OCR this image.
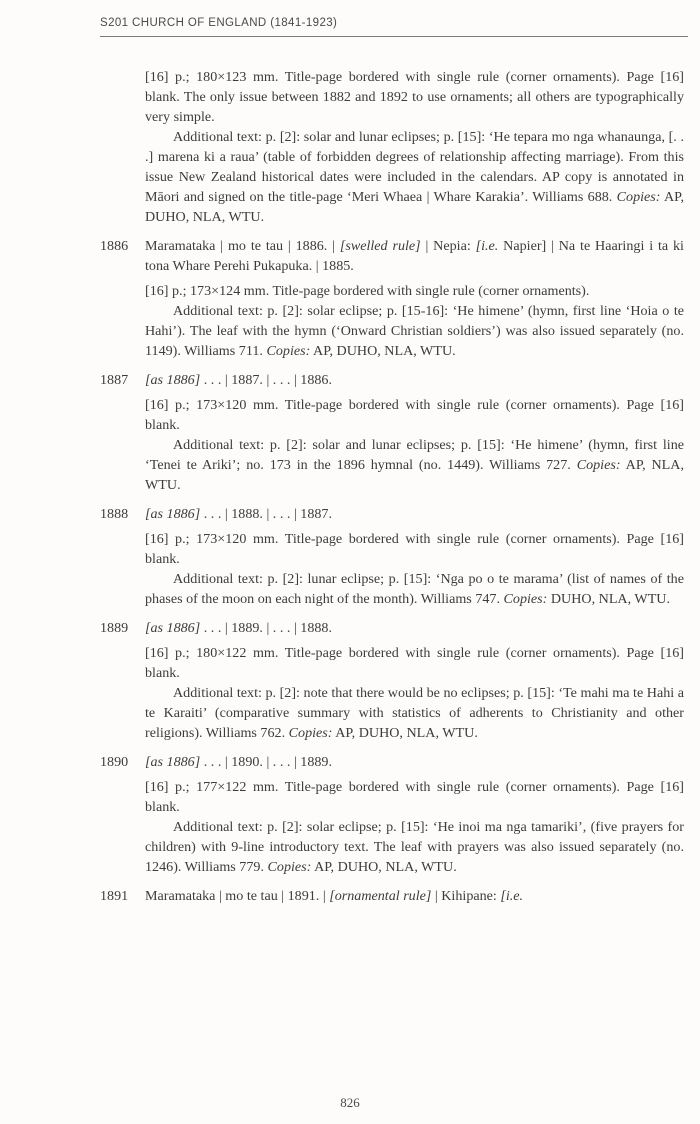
S201 CHURCH OF ENGLAND (1841-1923)

[16] p.; 180×123 mm. Title-page bordered with single rule (corner ornaments). Page [16] blank. The only issue between 1882 and 1892 to use ornaments; all others are typographically very simple.

Additional text: p. [2]: solar and lunar eclipses; p. [15]: ‘He tepara mo nga whanaunga, [. . .] marena ki a raua’ (table of forbidden degrees of relationship affecting marriage). From this issue New Zealand historical dates were included in the calendars. AP copy is annotated in Māori and signed on the title-page ‘Meri Whaea | Whare Karakia’. Williams 688. Copies: AP, DUHO, NLA, WTU.

1886 Maramataka | mo te tau | 1886. | [swelled rule] | Nepia: [i.e. Napier] | Na te Haaringi i ta ki tona Whare Perehi Pukapuka. | 1885.

[16] p.; 173×124 mm. Title-page bordered with single rule (corner ornaments).

Additional text: p. [2]: solar eclipse; p. [15-16]: ‘He himene’ (hymn, first line ‘Hoia o te Hahi’). The leaf with the hymn (‘Onward Christian soldiers’) was also issued separately (no. 1149). Williams 711. Copies: AP, DUHO, NLA, WTU.

1887 [as 1886] . . . | 1887. | . . . | 1886.

[16] p.; 173×120 mm. Title-page bordered with single rule (corner ornaments). Page [16] blank.

Additional text: p. [2]: solar and lunar eclipses; p. [15]: ‘He himene’ (hymn, first line ‘Tenei te Ariki’; no. 173 in the 1896 hymnal (no. 1449). Williams 727. Copies: AP, NLA, WTU.

1888 [as 1886] . . . | 1888. | . . . | 1887.

[16] p.; 173×120 mm. Title-page bordered with single rule (corner ornaments). Page [16] blank.

Additional text: p. [2]: lunar eclipse; p. [15]: ‘Nga po o te marama’ (list of names of the phases of the moon on each night of the month). Williams 747. Copies: DUHO, NLA, WTU.

1889 [as 1886] . . . | 1889. | . . . | 1888.

[16] p.; 180×122 mm. Title-page bordered with single rule (corner ornaments). Page [16] blank.

Additional text: p. [2]: note that there would be no eclipses; p. [15]: ‘Te mahi ma te Hahi a te Karaiti’ (comparative summary with statistics of adherents to Christianity and other religions). Williams 762. Copies: AP, DUHO, NLA, WTU.

1890 [as 1886] . . . | 1890. | . . . | 1889.

[16] p.; 177×122 mm. Title-page bordered with single rule (corner ornaments). Page [16] blank.

Additional text: p. [2]: solar eclipse; p. [15]: ‘He inoi ma nga tamariki’, (five prayers for children) with 9-line introductory text. The leaf with prayers was also issued separately (no. 1246). Williams 779. Copies: AP, DUHO, NLA, WTU.

1891 Maramataka | mo te tau | 1891. | [ornamental rule] | Kihipane: [i.e.

826
